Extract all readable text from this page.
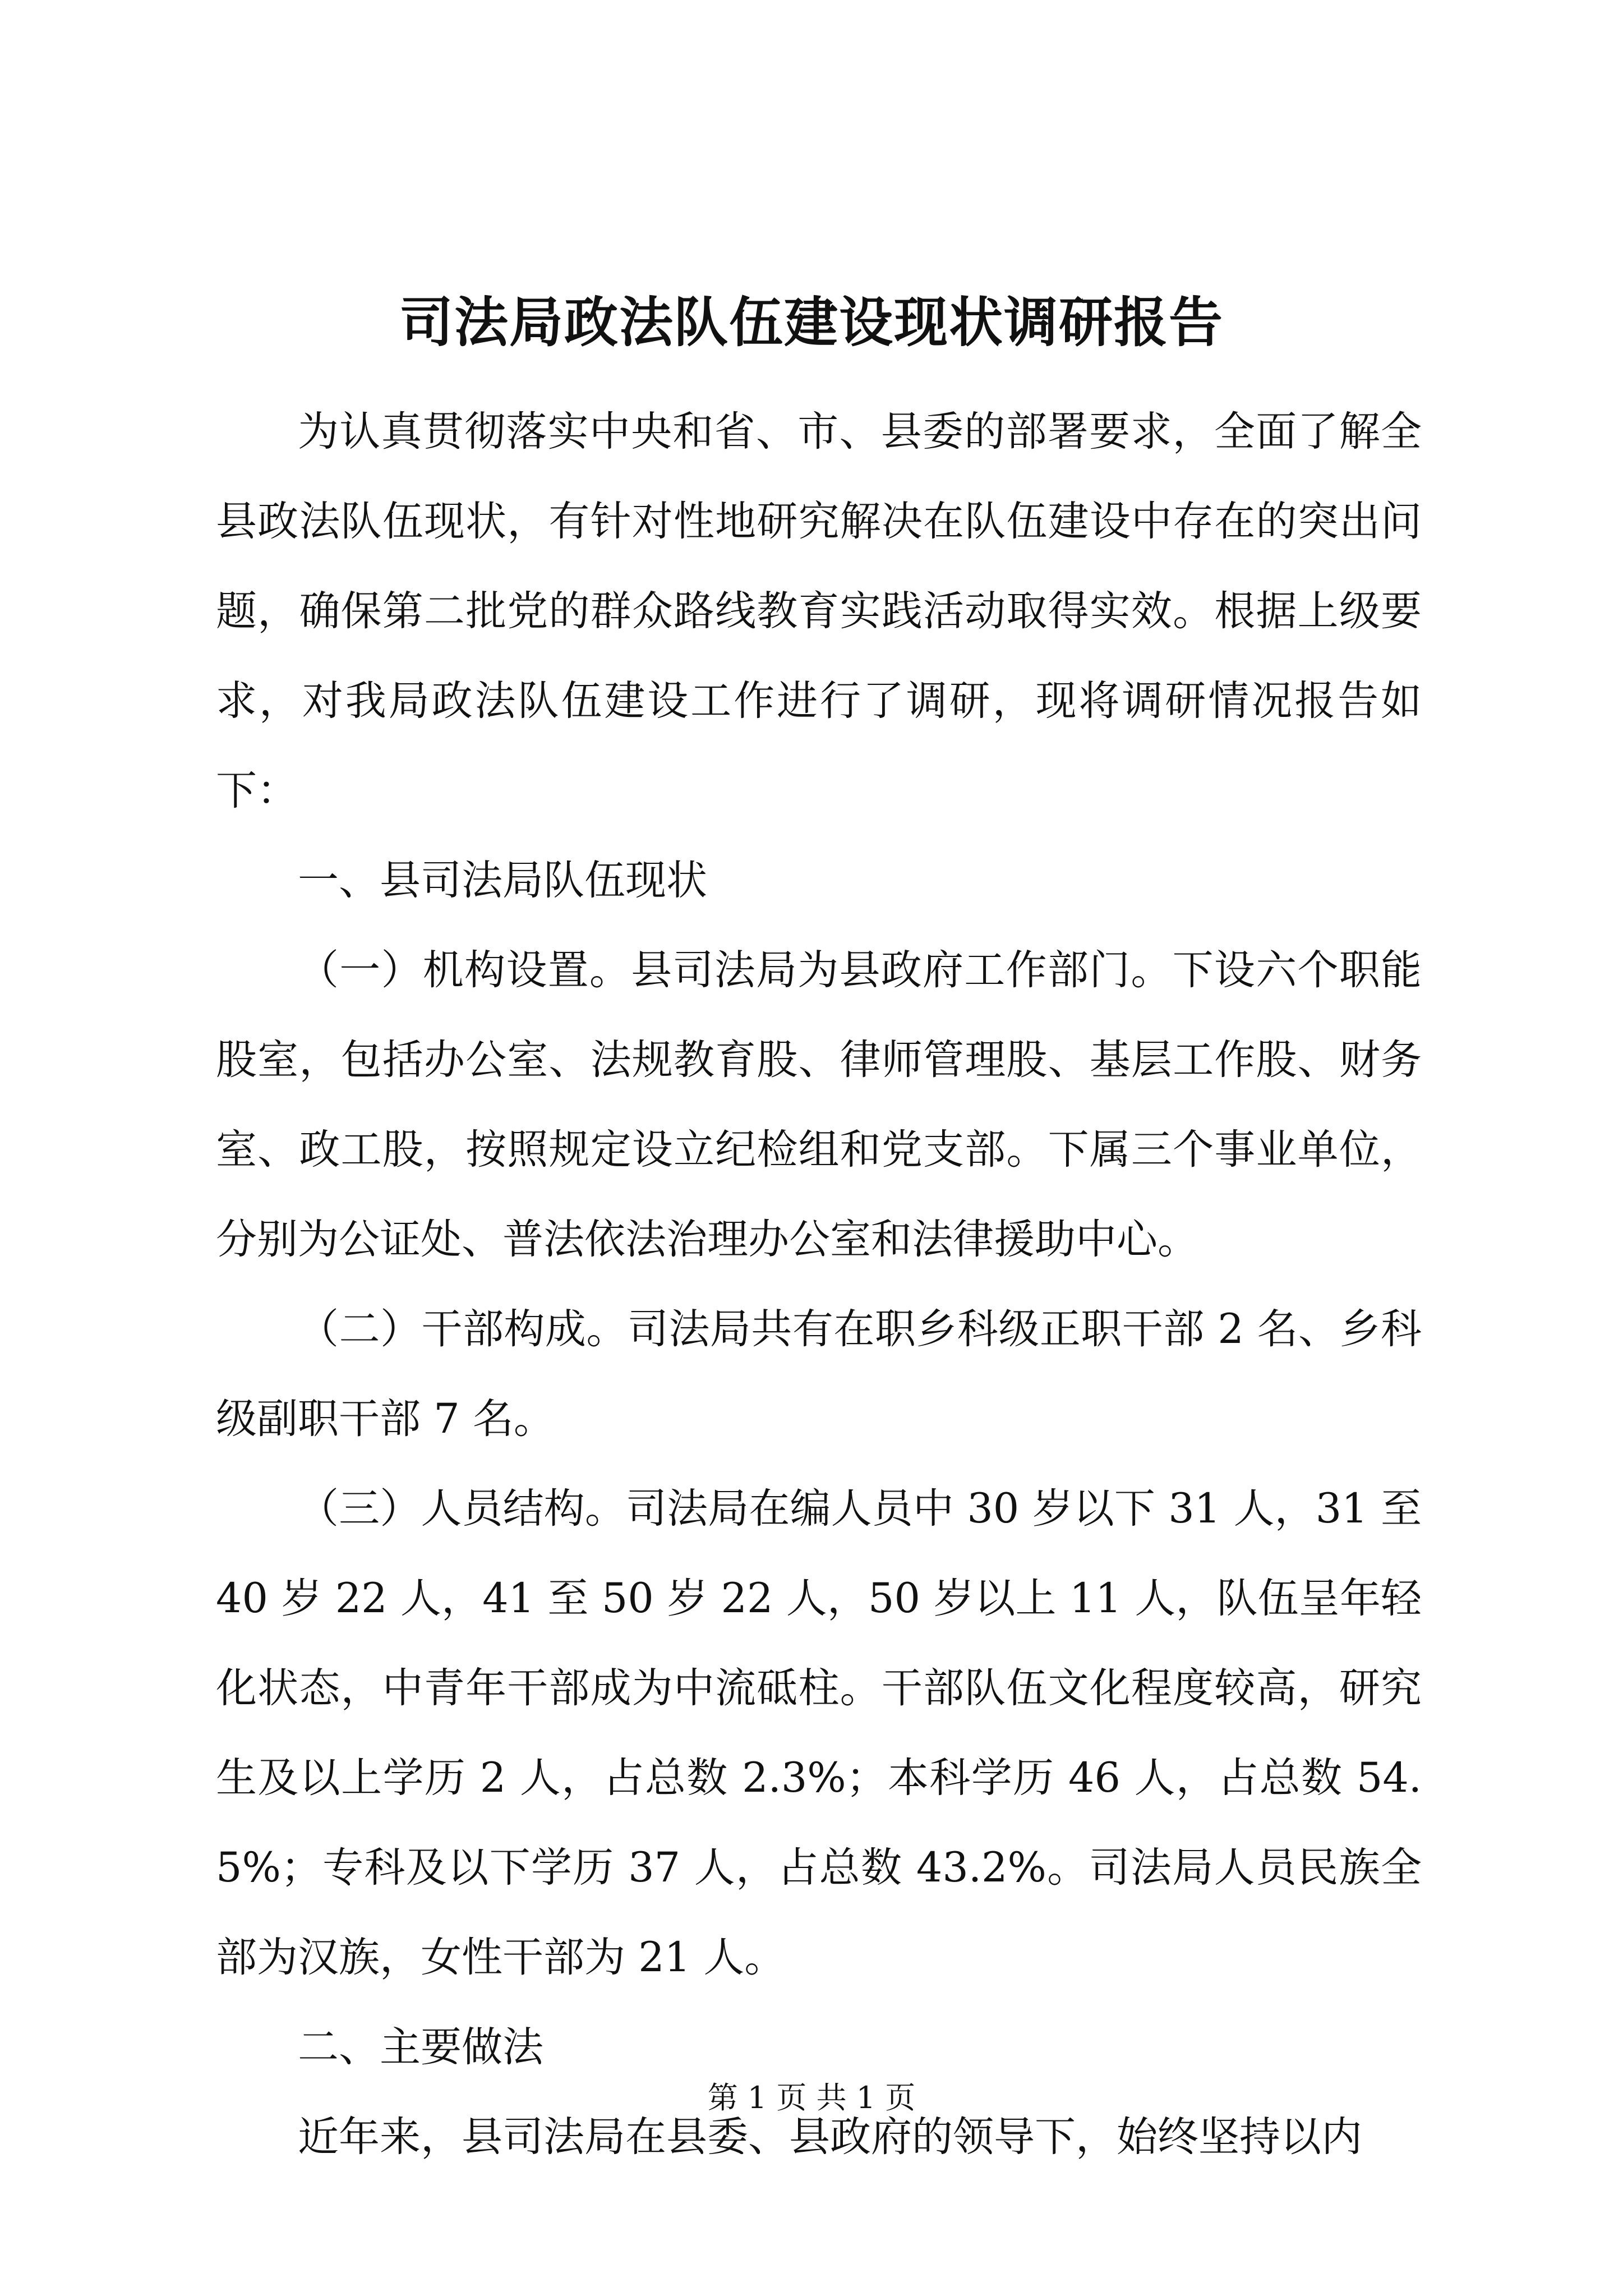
司法局政法队伍建设现状调研报告

为认真贯彻落实中央和省、市、县委的部署要求，全面了解全县政法队伍现状，有针对性地研究解决在队伍建设中存在的突出问题，确保第二批党的群众路线教育实践活动取得实效。根据上级要求，对我局政法队伍建设工作进行了调研，现将调研情况报告如下：

一、县司法局队伍现状

（一）机构设置。县司法局为县政府工作部门。下设六个职能股室，包括办公室、法规教育股、律师管理股、基层工作股、财务室、政工股，按照规定设立纪检组和党支部。下属三个事业单位，分别为公证处、普法依法治理办公室和法律援助中心。

（二）干部构成。司法局共有在职乡科级正职干部 2 名、乡科级副职干部 7 名。

（三）人员结构。司法局在编人员中 30 岁以下 31 人，31 至 40 岁 22 人，41 至 50 岁 22 人，50 岁以上 11 人，队伍呈年轻化状态，中青年干部成为中流砥柱。干部队伍文化程度较高，研究生及以上学历 2 人，占总数 2.3%；本科学历 46 人，占总数 54.5%；专科及以下学历 37 人，占总数 43.2%。司法局人员民族全部为汉族，女性干部为 21 人。

二、主要做法

近年来，县司法局在县委、县政府的领导下，始终坚持以内

第 1 页 共 1 页
